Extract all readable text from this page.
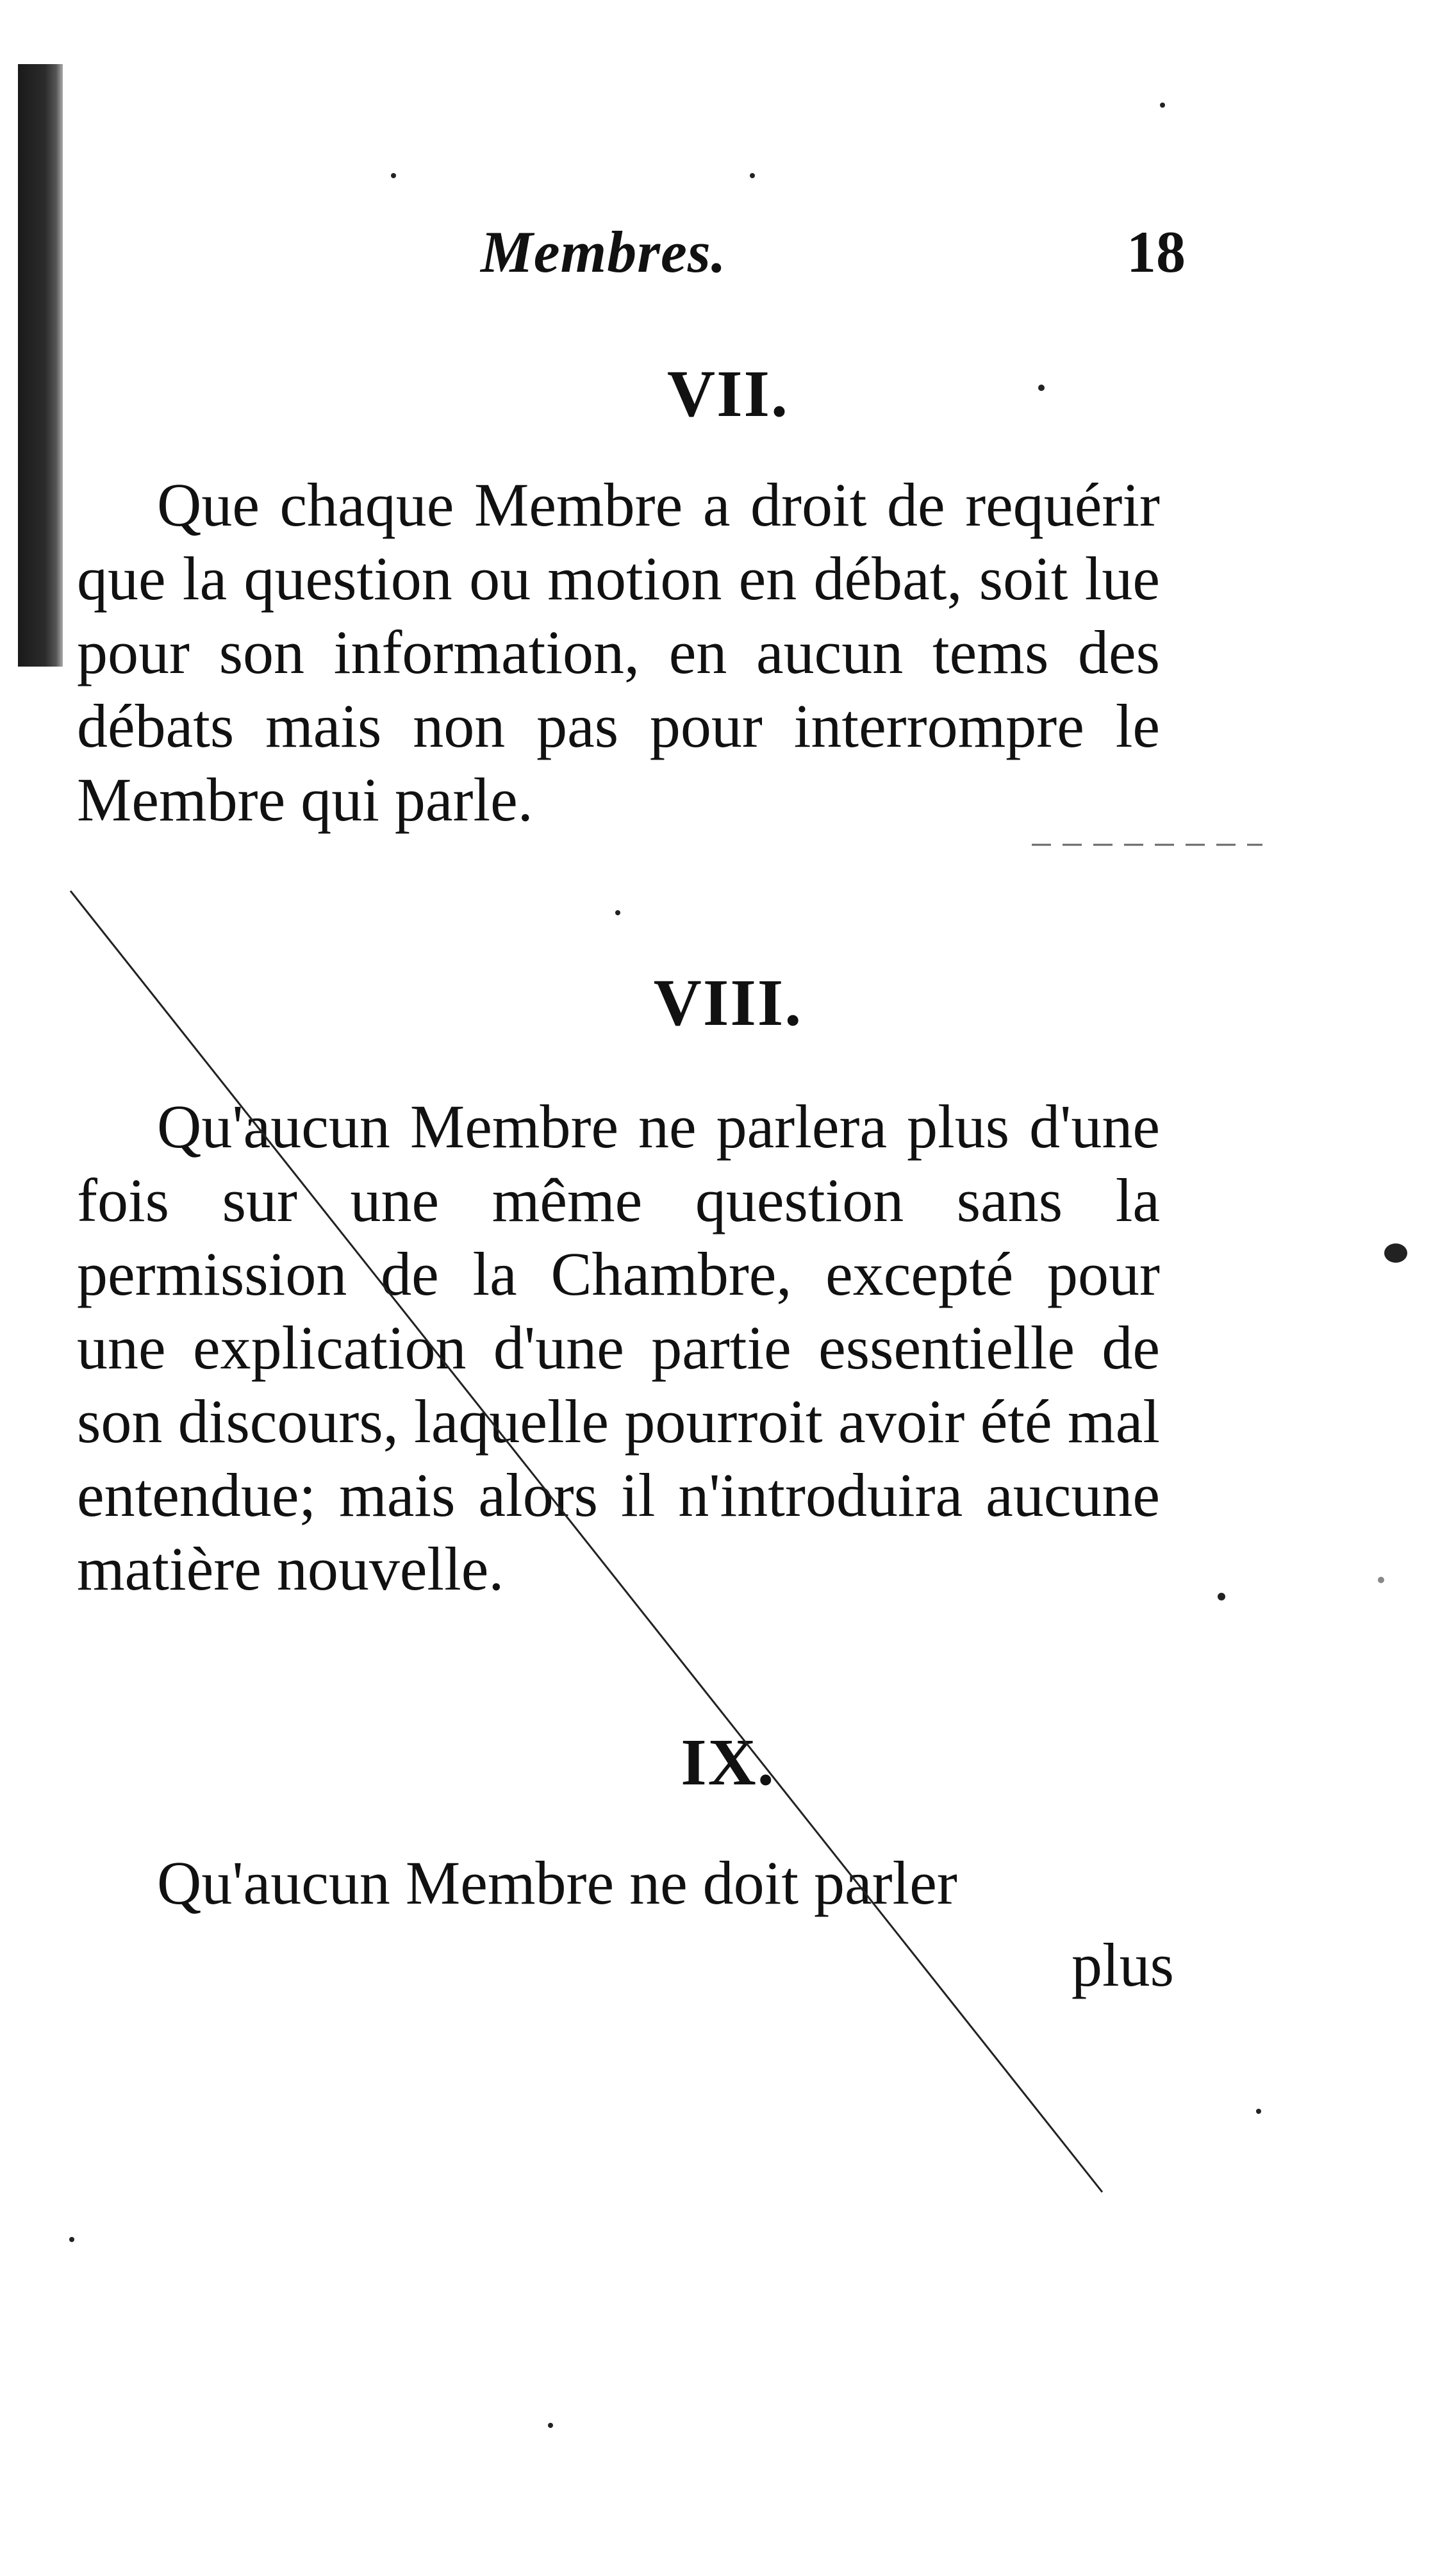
Membres.	18
VII.
Que chaque Membre a droit de requérir que la question ou motion en débat, soit lue pour son information, en aucun tems des débats mais non pas pour interrompre le Membre qui parle.
VIII.
Qu'aucun Membre ne parlera plus d'une fois sur une même question sans la permission de la Chambre, excepté pour une explication d'une partie essentielle de son discours, laquelle pourroit avoir été mal entendue; mais alors il n'introduira aucune matière nouvelle.
IX.
Qu'aucun Membre ne doit parler
plus
